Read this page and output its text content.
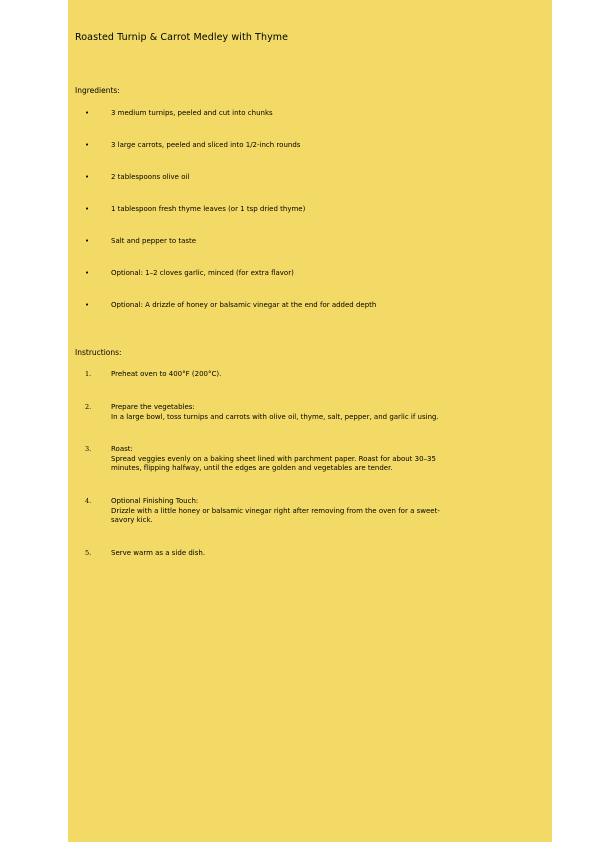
Roasted Turnip & Carrot Medley with Thyme
Ingredients:
•	3 medium turnips, peeled and cut into chunks
•	3 large carrots, peeled and sliced into 1/2-inch rounds
•	2 tablespoons olive oil
•	1 tablespoon fresh thyme leaves (or 1 tsp dried thyme)
•	Salt and pepper to taste
•	Optional: 1–2 cloves garlic, minced (for extra flavor)
•	Optional: A drizzle of honey or balsamic vinegar at the end for added depth
Instructions:
1.	Preheat oven to 400°F (200°C).
2.	Prepare the vegetables:
In a large bowl, toss turnips and carrots with olive oil, thyme, salt, pepper, and garlic if using.
3.	Roast:
Spread veggies evenly on a baking sheet lined with parchment paper. Roast for about 30–35
minutes, flipping halfway, until the edges are golden and vegetables are tender.
4.	Optional Finishing Touch:
Drizzle with a little honey or balsamic vinegar right after removing from the oven for a sweet-
savory kick.
5.	Serve warm as a side dish.
